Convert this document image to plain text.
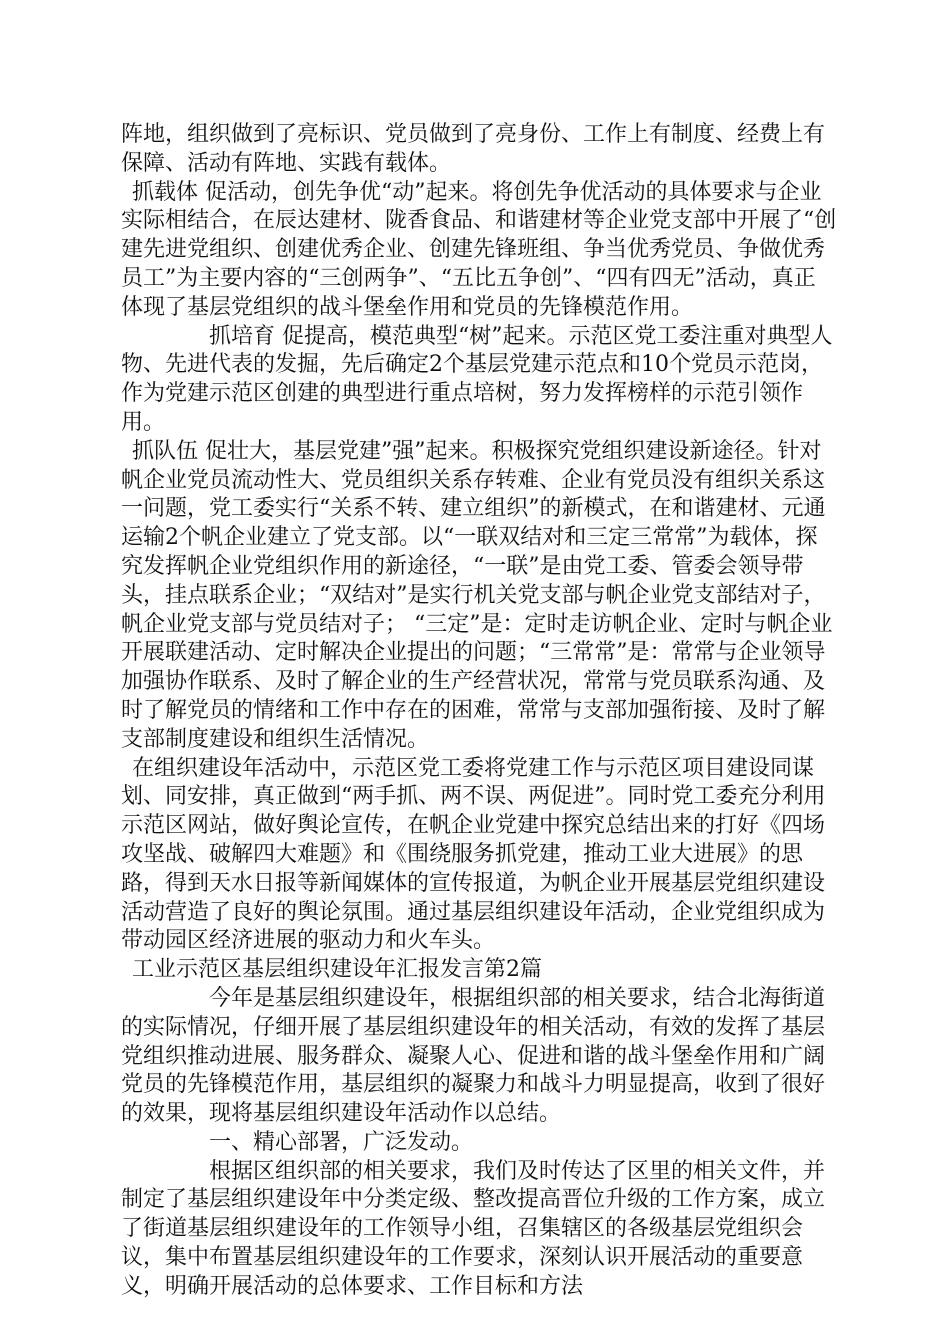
阵地，组织做到了亮标识、党员做到了亮身份、工作上有制度、经费上有保障、活动有阵地、实践有载体。

抓载体 促活动，创先争优“动”起来。将创先争优活动的具体要求与企业实际相结合，在辰达建材、陇香食品、和谐建材等企业党支部中开展了“创建先进党组织、创建优秀企业、创建先锋班组、争当优秀党员、争做优秀员工”为主要内容的“三创两争”、“五比五争创”、“四有四无”活动，真正体现了基层党组织的战斗堡垒作用和党员的先锋模范作用。

抓培育 促提高，模范典型“树”起来。示范区党工委注重对典型人物、先进代表的发掘，先后确定2个基层党建示范点和10个党员示范岗，作为党建示范区创建的典型进行重点培树，努力发挥榜样的示范引领作用。

抓队伍 促壮大，基层党建”强”起来。积极探究党组织建设新途径。针对帆企业党员流动性大、党员组织关系存转难、企业有党员没有组织关系这一问题，党工委实行“关系不转、建立组织”的新模式，在和谐建材、元通运输2个帆企业建立了党支部。以“一联双结对和三定三常常”为载体，探究发挥帆企业党组织作用的新途径，“一联”是由党工委、管委会领导带头，挂点联系企业；“双结对”是实行机关党支部与帆企业党支部结对子，帆企业党支部与党员结对子； “三定”是：定时走访帆企业、定时与帆企业开展联建活动、定时解决企业提出的问题；“三常常”是：常常与企业领导加强协作联系、及时了解企业的生产经营状况，常常与党员联系沟通、及时了解党员的情绪和工作中存在的困难，常常与支部加强衔接、及时了解支部制度建设和组织生活情况。

在组织建设年活动中，示范区党工委将党建工作与示范区项目建设同谋划、同安排，真正做到“两手抓、两不误、两促进”。同时党工委充分利用示范区网站，做好舆论宣传，在帆企业党建中探究总结出来的打好《四场攻坚战、破解四大难题》和《围绕服务抓党建，推动工业大进展》的思路，得到天水日报等新闻媒体的宣传报道，为帆企业开展基层党组织建设活动营造了良好的舆论氛围。通过基层组织建设年活动，企业党组织成为带动园区经济进展的驱动力和火车头。

工业示范区基层组织建设年汇报发言第2篇

今年是基层组织建设年，根据组织部的相关要求，结合北海街道的实际情况，仔细开展了基层组织建设年的相关活动，有效的发挥了基层党组织推动进展、服务群众、凝聚人心、促进和谐的战斗堡垒作用和广阔党员的先锋模范作用，基层组织的凝聚力和战斗力明显提高，收到了很好的效果，现将基层组织建设年活动作以总结。

一、精心部署，广泛发动。

根据区组织部的相关要求，我们及时传达了区里的相关文件，并制定了基层组织建设年中分类定级、整改提高晋位升级的工作方案，成立了街道基层组织建设年的工作领导小组，召集辖区的各级基层党组织会议，集中布置基层组织建设年的工作要求，深刻认识开展活动的重要意义，明确开展活动的总体要求、工作目标和方法
